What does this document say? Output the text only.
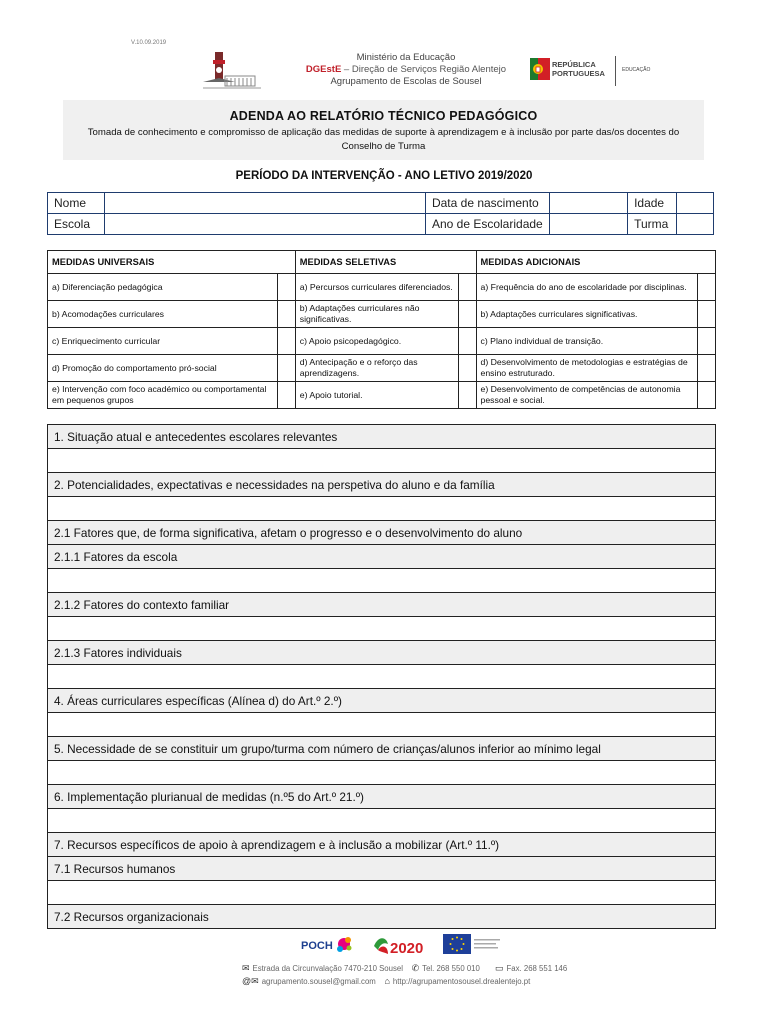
V.10.09.2019
Ministério da Educação
DGEstE – Direção de Serviços Região Alentejo
Agrupamento de Escolas de Sousel
REPÚBLICA
PORTUGUESA	EDUCAÇÃO
ADENDA AO RELATÓRIO TÉCNICO PEDAGÓGICO
Tomada de conhecimento e compromisso de aplicação das medidas de suporte à aprendizagem e à inclusão por parte das/os docentes do Conselho de Turma
PERÍODO DA INTERVENÇÃO - ANO LETIVO 2019/2020
Nome		Data de nascimento		Idade	
Escola		Ano de Escolaridade		Turma	
MEDIDAS UNIVERSAIS		MEDIDAS SELETIVAS		MEDIDAS ADICIONAIS	
a) Diferenciação pedagógica		a) Percursos curriculares diferenciados.		a) Frequência do ano de escolaridade por disciplinas.	
b) Acomodações curriculares		b) Adaptações curriculares não significativas.		b) Adaptações curriculares significativas.	
c) Enriquecimento curricular		c) Apoio psicopedagógico.		c) Plano individual de transição.	
d) Promoção do comportamento pró-social		d) Antecipação e o reforço das aprendizagens.		d) Desenvolvimento de metodologias e estratégias de ensino estruturado.	
e) Intervenção com foco académico ou comportamental em pequenos grupos		e) Apoio tutorial.		e) Desenvolvimento de competências de autonomia pessoal e social.	
1. Situação atual e antecedentes escolares relevantes

2. Potencialidades, expectativas e necessidades na perspetiva do aluno e da família

2.1 Fatores que, de forma significativa, afetam o progresso e o desenvolvimento do aluno
2.1.1 Fatores da escola

2.1.2 Fatores do contexto familiar

2.1.3 Fatores individuais

4. Áreas curriculares específicas (Alínea d) do Art.º 2.º)

5. Necessidade de se constituir um grupo/turma com número de crianças/alunos inferior ao mínimo legal

6. Implementação plurianual de medidas (n.º5 do Art.º 21.º)

7. Recursos específicos de apoio à aprendizagem e à inclusão a mobilizar (Art.º 11.º)
7.1 Recursos humanos

7.2 Recursos organizacionais
POCH	2020
✉ Estrada da Circunvalação 7470-210 Sousel ✆ Tel. 268 550 010 ▭ Fax. 268 551 146
@✉ agrupamento.sousel@gmail.com ⌂ http://agrupamentosousel.drealentejo.pt
